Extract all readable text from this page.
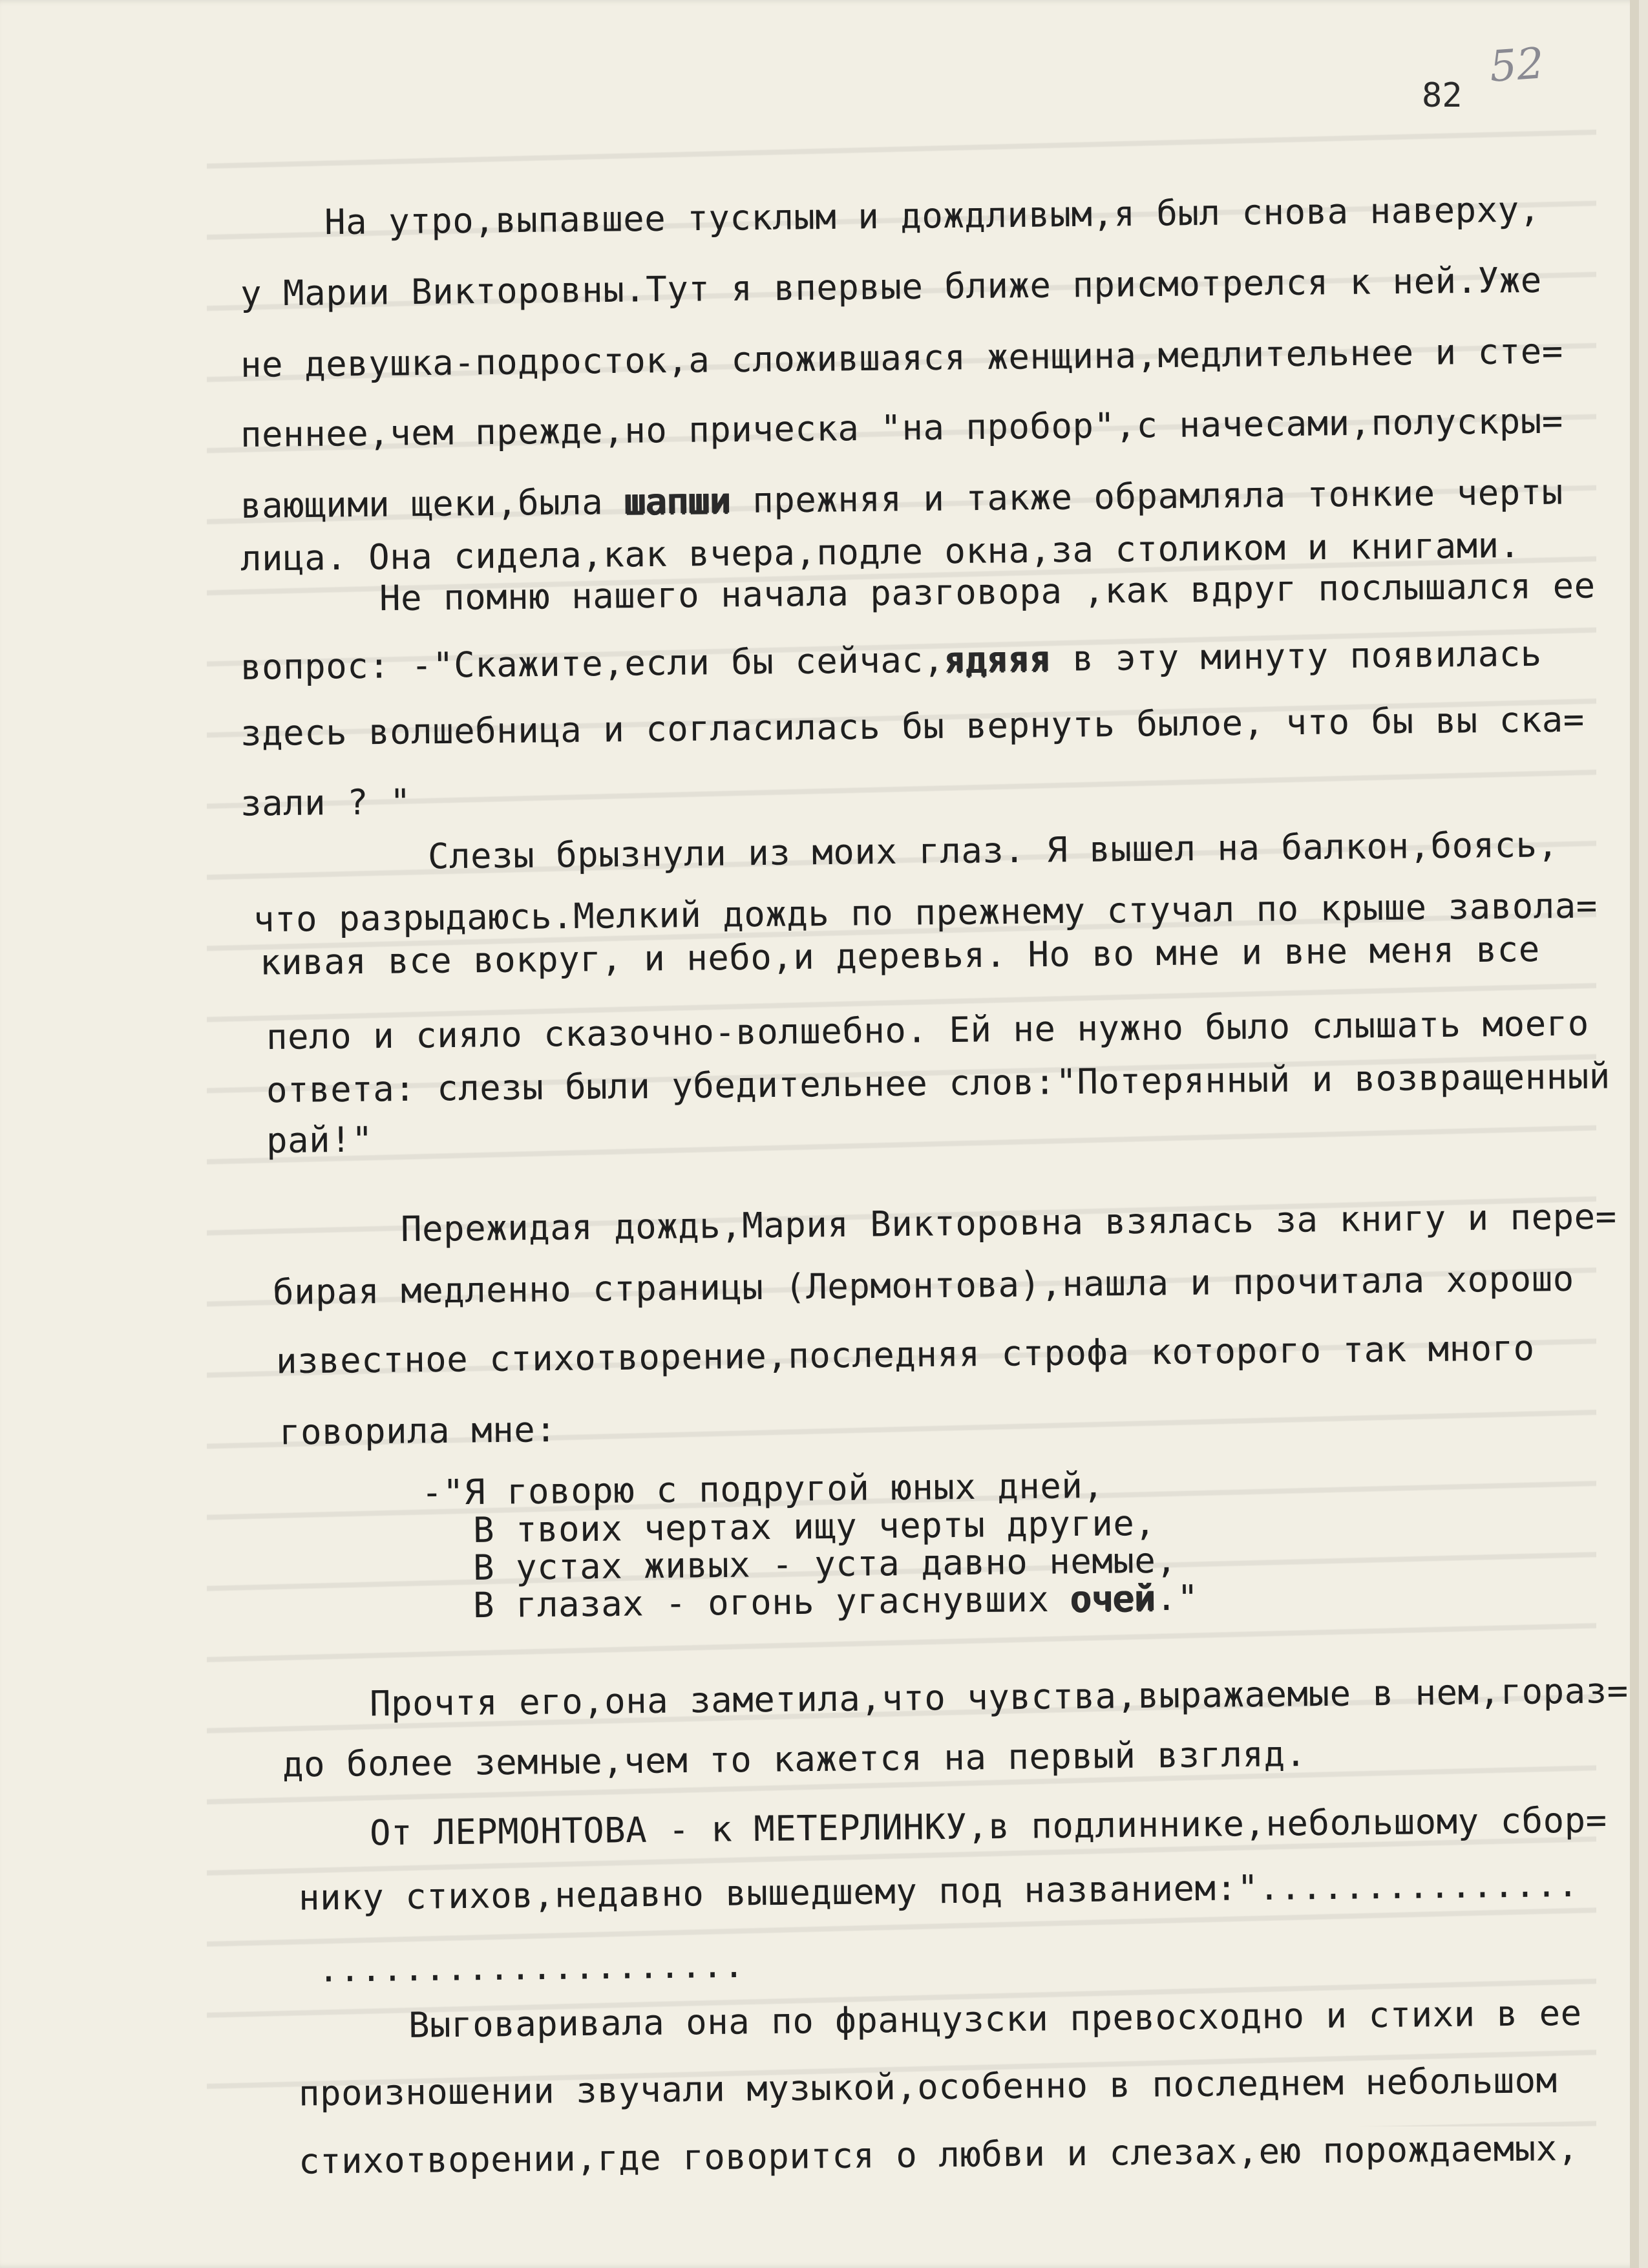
52
82

На утро,выпавшее тусклым и дождливым,я был снова наверху,

у Марии Викторовны.Тут я впервые ближе присмотрелся к ней.Уже

не девушка-подросток,а сложившаяся женщина,медлительнее и сте=

пеннее,чем прежде,но прическа "на пробор",с начесами,полускры=

вающими щеки,была шапши прежняя и также обрамляла тонкие черты

лица. Она сидела,как вчера,подле окна,за столиком и книгами.

Не помню нашего начала разговора ,как вдруг послышался ее

вопрос: -"Скажите,если бы сейчас,ядяяя в эту минуту появилась

здесь волшебница и согласилась бы вернуть былое, что бы вы ска=

зали ? "

Слезы брызнули из моих глаз. Я вышел на балкон,боясь,

что разрыдаюсь.Мелкий дождь по прежнему стучал по крыше завола=

кивая все вокруг, и небо,и деревья. Но во мне и вне меня все

пело и сияло сказочно-волшебно. Ей не нужно было слышать моего

ответа: слезы были убедительнее слов:"Потерянный и возвращенный

рай!"

Пережидая дождь,Мария Викторовна взялась за книгу и пере=

бирая медленно страницы (Лермонтова),нашла и прочитала хорошо

известное стихотворение,последняя строфа которого так много

говорила мне:

-"Я говорю с подругой юных дней,

В твоих чертах ищу черты другие,

В устах живых - уста давно немые,

В глазах - огонь угаснувших очей."

Прочтя его,она заметила,что чувства,выражаемые в нем,гораз=

до более земные,чем то кажется на первый взгляд.

От ЛЕРМОНТОВА - к МЕТЕРЛИНКУ,в подлиннике,небольшому сбор=

нику стихов,недавно вышедшему под названием:"...............

....................

Выговаривала она по французски превосходно и стихи в ее

произношении звучали музыкой,особенно в последнем небольшом

стихотворении,где говорится о любви и слезах,ею порождаемых,
